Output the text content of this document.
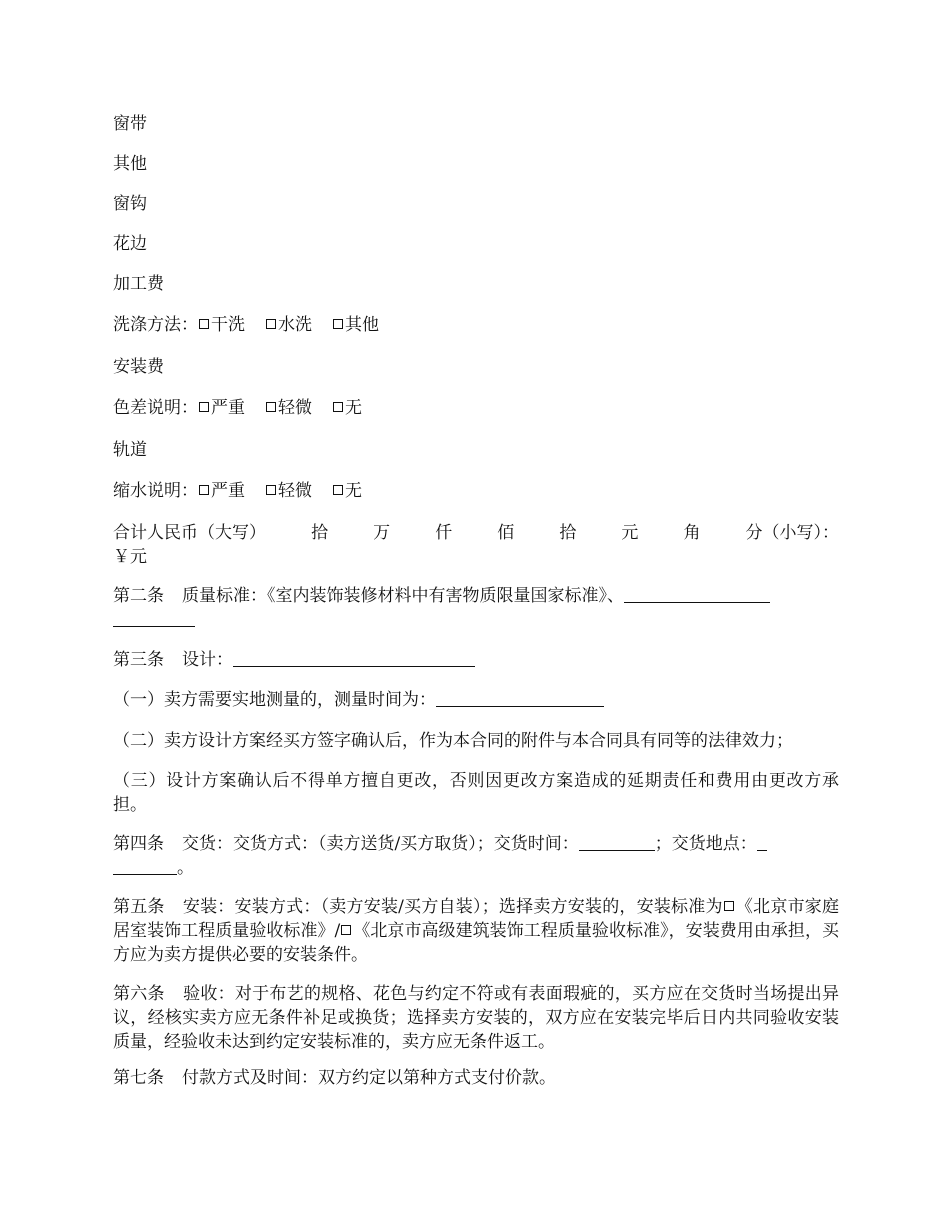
窗带
其他
窗钩
花边
加工费
洗涤方法： 干洗 水洗 其他
安装费
色差说明： 严重 轻微 无
轨道
缩水说明： 严重 轻微 无
合计人民币（大写）	拾	万	仟	佰	拾	元	角	分（小写）：
￥元
第二条 质量标准：《室内装饰装修材料中有害物质限量国家标准》、
第三条 设计：
（一）卖方需要实地测量的，测量时间为：
（二）卖方设计方案经买方签字确认后，作为本合同的附件与本合同具有同等的法律效力；
（三）设计方案确认后不得单方擅自更改，否则因更改方案造成的延期责任和费用由更改方承担。
第四条 交货：交货方式：（卖方送货/买方取货）；交货时间：	；交货地点：
。
第五条 安装：安装方式：（卖方安装/买方自装）；选择卖方安装的，安装标准为 《北京市家庭居室装饰工程质量验收标准》/ 《北京市高级建筑装饰工程质量验收标准》，安装费用由承担，买方应为卖方提供必要的安装条件。
第六条 验收：对于布艺的规格、花色与约定不符或有表面瑕疵的，买方应在交货时当场提出异议，经核实卖方应无条件补足或换货；选择卖方安装的，双方应在安装完毕后日内共同验收安装质量，经验收未达到约定安装标准的，卖方应无条件返工。
第七条 付款方式及时间：双方约定以第种方式支付价款。
